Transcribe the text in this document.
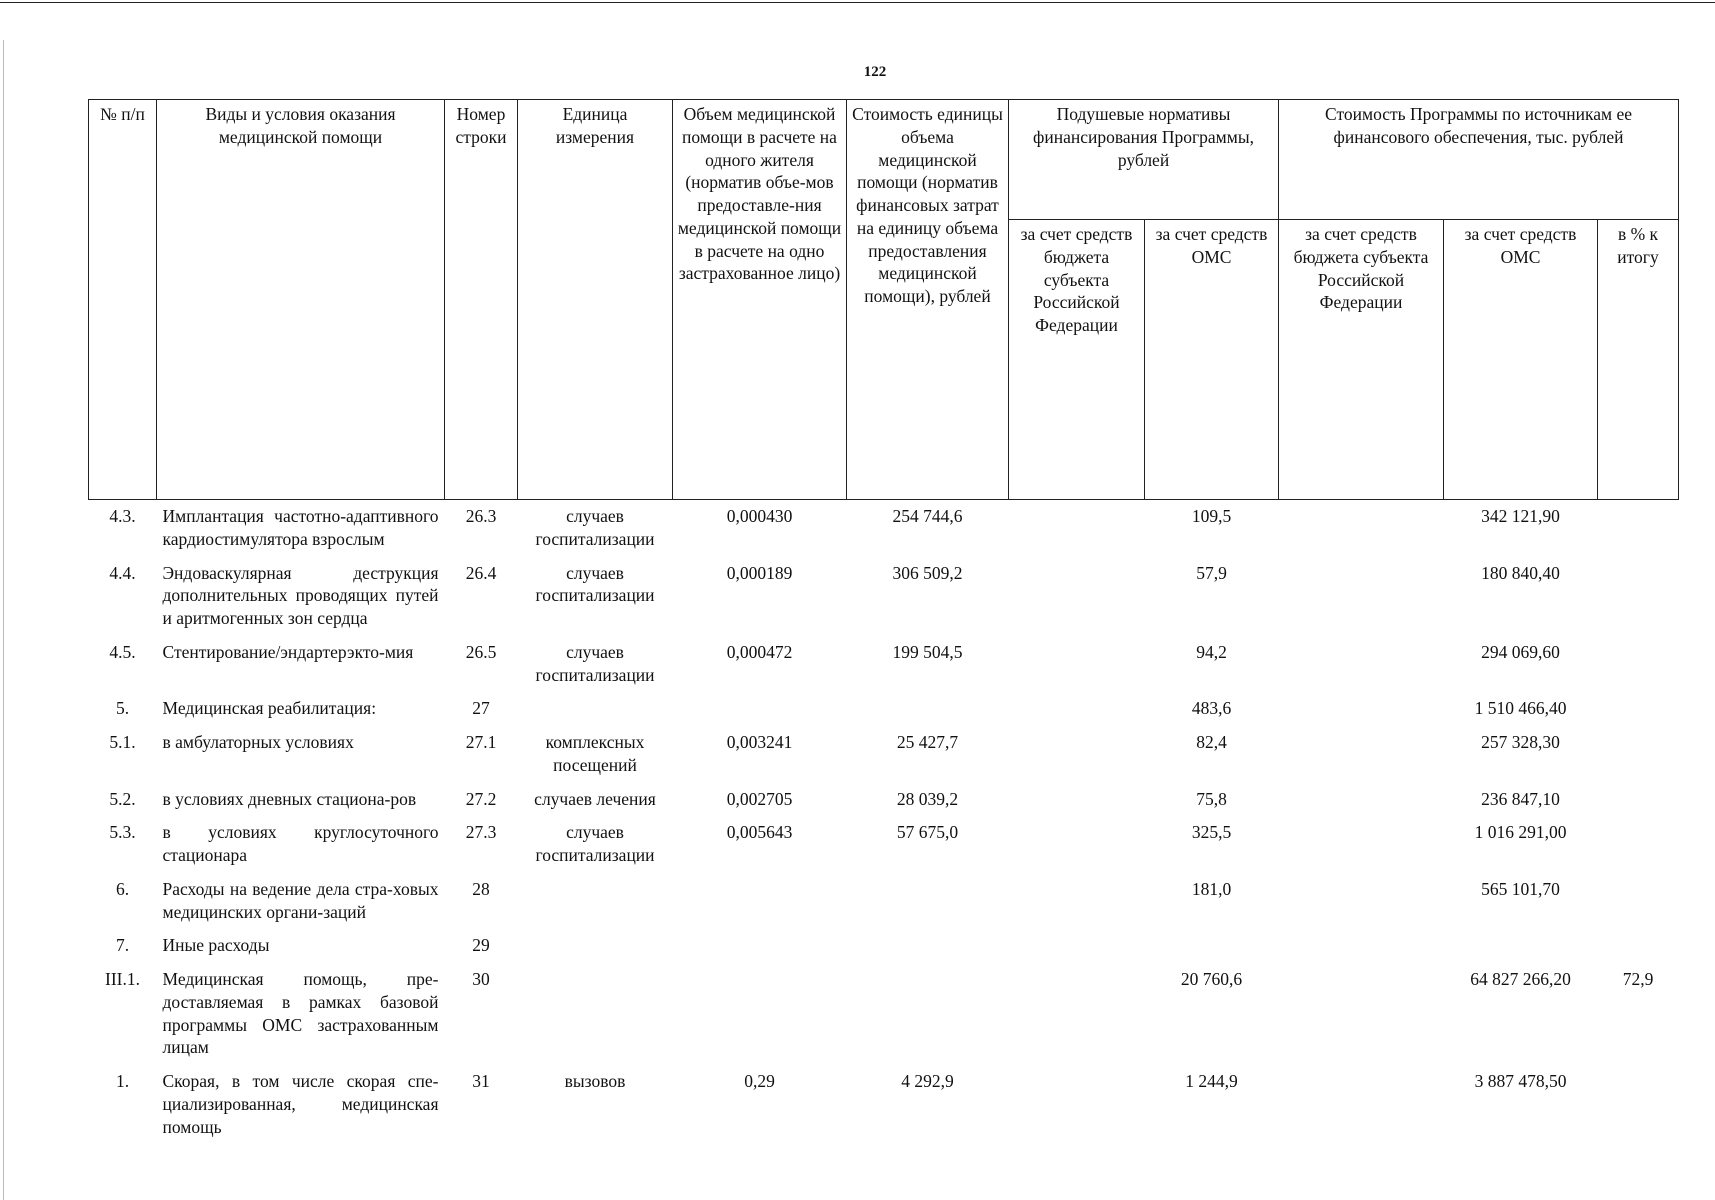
122
№ п/п	Виды и условия оказания медицинской помощи	Номер строки	Единица измерения	Объем медицинской помощи в расчете на одного жителя (норматив объе-мов предоставле-ния медицинской помощи в расчете на одно застрахованное лицо)	Стоимость единицы объема медицинской помощи (норматив финансовых затрат на единицу объема предоставления медицинской помощи), рублей	Подушевые нормативы финансирования Программы, рублей		Стоимость Программы по источникам ее финансового обеспечения, тыс. рублей		
						за счет средств бюджета субъекта Российской Федерации	за счет средств ОМС	за счет средств бюджета субъекта Российской Федерации	за счет средств ОМС	в % к итогу
4.3.	Имплантация частотно-адаптивного кардиостимулятора взрослым	26.3	случаев госпитализации	0,000430	254 744,6		109,5		342 121,90	
4.4.	Эндоваскулярная деструкция дополнительных проводящих путей и аритмогенных зон сердца	26.4	случаев госпитализации	0,000189	306 509,2		57,9		180 840,40	
4.5.	Стентирование/эндартерэкто-мия	26.5	случаев госпитализации	0,000472	199 504,5		94,2		294 069,60	
5.	Медицинская реабилитация:	27					483,6		1 510 466,40	
5.1.	в амбулаторных условиях	27.1	комплексных посещений	0,003241	25 427,7		82,4		257 328,30	
5.2.	в условиях дневных стациона-ров	27.2	случаев лечения	0,002705	28 039,2		75,8		236 847,10	
5.3.	в условиях круглосуточного стационара	27.3	случаев госпитализации	0,005643	57 675,0		325,5		1 016 291,00	
6.	Расходы на ведение дела стра-ховых медицинских органи-заций	28					181,0		565 101,70	
7.	Иные расходы	29								
III.1.	Медицинская помощь, пре-доставляемая в рамках базовой программы ОМС застрахованным лицам	30					20 760,6		64 827 266,20	72,9
1.	Скорая, в том числе скорая спе-циализированная, медицинская помощь	31	вызовов	0,29	4 292,9		1 244,9		3 887 478,50	
